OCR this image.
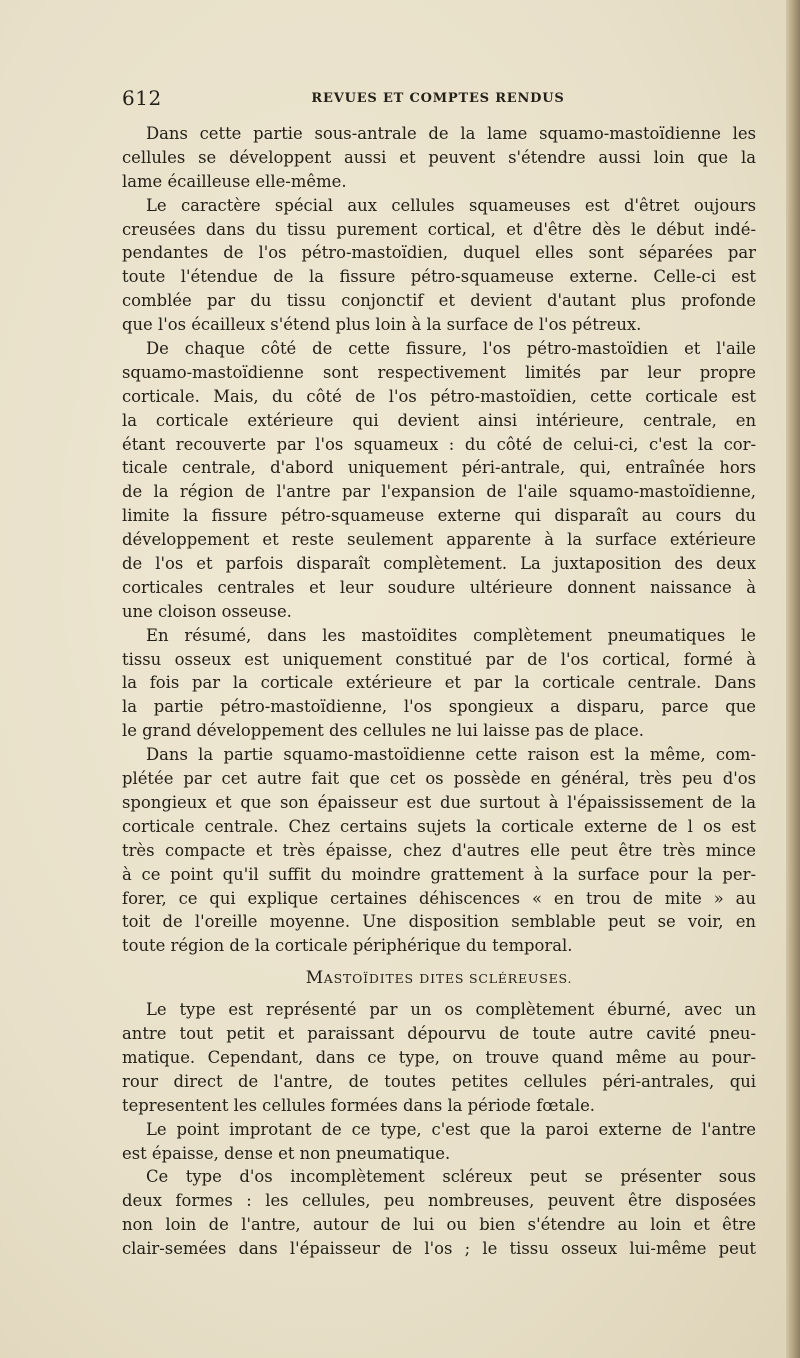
612	REVUES ET COMPTES RENDUS
Dans cette partie sous-antrale de la lame squamo-mastoïdienne les
cellules se développent aussi et peuvent s'étendre aussi loin que la
lame écailleuse elle-même.
Le caractère spécial aux cellules squameuses est d'êtret oujours
creusées dans du tissu purement cortical, et d'être dès le début indé-
pendantes de l'os pétro-mastoïdien, duquel elles sont séparées par
toute l'étendue de la fissure pétro-squameuse externe. Celle-ci est
comblée par du tissu conjonctif et devient d'autant plus profonde
que l'os écailleux s'étend plus loin à la surface de l'os pétreux.
De chaque côté de cette fissure, l'os pétro-mastoïdien et l'aile
squamo-mastoïdienne sont respectivement limités par leur propre
corticale. Mais, du côté de l'os pétro-mastoïdien, cette corticale est
la corticale extérieure qui devient ainsi intérieure, centrale, en
étant recouverte par l'os squameux : du côté de celui-ci, c'est la cor-
ticale centrale, d'abord uniquement péri-antrale, qui, entraînée hors
de la région de l'antre par l'expansion de l'aile squamo-mastoïdienne,
limite la fissure pétro-squameuse externe qui disparaît au cours du
développement et reste seulement apparente à la surface extérieure
de l'os et parfois disparaît complètement. La juxtaposition des deux
corticales centrales et leur soudure ultérieure donnent naissance à
une cloison osseuse.
En résumé, dans les mastoïdites complètement pneumatiques le
tissu osseux est uniquement constitué par de l'os cortical, formé à
la fois par la corticale extérieure et par la corticale centrale. Dans
la partie pétro-mastoïdienne, l'os spongieux a disparu, parce que
le grand développement des cellules ne lui laisse pas de place.
Dans la partie squamo-mastoïdienne cette raison est la même, com-
plétée par cet autre fait que cet os possède en général, très peu d'os
spongieux et que son épaisseur est due surtout à l'épaississement de la
corticale centrale. Chez certains sujets la corticale externe de l os est
très compacte et très épaisse, chez d'autres elle peut être très mince
à ce point qu'il suffit du moindre grattement à la surface pour la per-
forer, ce qui explique certaines déhiscences « en trou de mite » au
toit de l'oreille moyenne. Une disposition semblable peut se voir, en
toute région de la corticale périphérique du temporal.
MASTOÏDITES DITES SCLÉREUSES.
Le type est représenté par un os complètement éburné, avec un
antre tout petit et paraissant dépourvu de toute autre cavité pneu-
matique. Cependant, dans ce type, on trouve quand même au pour-
rour direct de l'antre, de toutes petites cellules péri-antrales, qui
tepresentent les cellules formées dans la période fœtale.
Le point improtant de ce type, c'est que la paroi externe de l'antre
est épaisse, dense et non pneumatique.
Ce type d'os incomplètement scléreux peut se présenter sous
deux formes : les cellules, peu nombreuses, peuvent être disposées
non loin de l'antre, autour de lui ou bien s'étendre au loin et être
clair-semées dans l'épaisseur de l'os ; le tissu osseux lui-même peut
